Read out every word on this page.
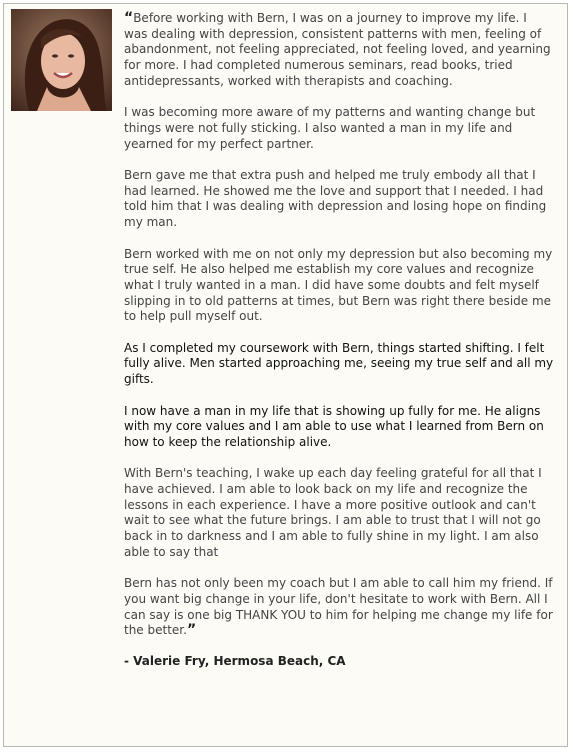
“Before working with Bern, I was on a journey to improve my life. I was dealing with depression, consistent patterns with men, feeling of abandonment, not feeling appreciated, not feeling loved, and yearning for more. I had completed numerous seminars, read books, tried antidepressants, worked with therapists and coaching.

I was becoming more aware of my patterns and wanting change but things were not fully sticking. I also wanted a man in my life and yearned for my perfect partner.

Bern gave me that extra push and helped me truly embody all that I had learned. He showed me the love and support that I needed. I had told him that I was dealing with depression and losing hope on finding my man.

Bern worked with me on not only my depression but also becoming my true self. He also helped me establish my core values and recognize what I truly wanted in a man. I did have some doubts and felt myself slipping in to old patterns at times, but Bern was right there beside me to help pull myself out.

As I completed my coursework with Bern, things started shifting. I felt fully alive. Men started approaching me, seeing my true self and all my gifts.

I now have a man in my life that is showing up fully for me. He aligns with my core values and I am able to use what I learned from Bern on how to keep the relationship alive.

With Bern's teaching, I wake up each day feeling grateful for all that I have achieved. I am able to look back on my life and recognize the lessons in each experience. I have a more positive outlook and can't wait to see what the future brings. I am able to trust that I will not go back in to darkness and I am able to fully shine in my light. I am also able to say that

Bern has not only been my coach but I am able to call him my friend. If you want big change in your life, don't hesitate to work with Bern. All I can say is one big THANK YOU to him for helping me change my life for the better.”

- Valerie Fry, Hermosa Beach, CA
